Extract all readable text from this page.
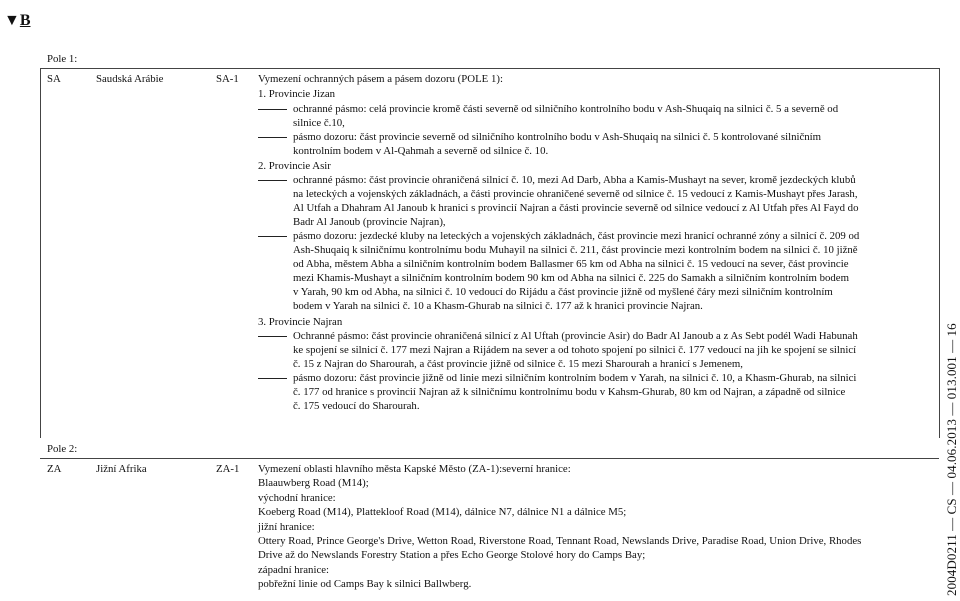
▼B
Pole 1:
SA	Saudská Arábie	SA-1 Vymezení ochranných pásem a pásem dozoru (POLE 1):
1. Provincie Jizan
ochranné pásmo: celá provincie kromě části severně od silničního kontrolního bodu v Ash-Shuqaiq na silnici č. 5 a severně od
silnice č.10,
pásmo dozoru: část provincie severně od silničního kontrolního bodu v Ash-Shuqaiq na silnici č. 5 kontrolované silničním
kontrolním bodem v Al-Qahmah a severně od silnice č. 10.
2. Provincie Asir
ochranné pásmo: část provincie ohraničená silnicí č. 10, mezi Ad Darb, Abha a Kamis-Mushayt na sever, kromě jezdeckých klubů
na leteckých a vojenských základnách, a části provincie ohraničené severně od silnice č. 15 vedoucí z Kamis-Mushayt přes Jarash,
Al Utfah a Dhahram Al Janoub k hranici s provincií Najran a části provincie severně od silnice vedoucí z Al Utfah přes Al Fayd do
Badr Al Janoub (provincie Najran),
pásmo dozoru: jezdecké kluby na leteckých a vojenských základnách, část provincie mezi hranicí ochranné zóny a silnicí č. 209 od
Ash-Shuqaiq k silničnímu kontrolnímu bodu Muhayil na silnici č. 211, část provincie mezi kontrolním bodem na silnici č. 10 jižně
od Abha, městem Abha a silničním kontrolním bodem Ballasmer 65 km od Abha na silnici č. 15 vedoucí na sever, část provincie
mezi Khamis-Mushayt a silničním kontrolním bodem 90 km od Abha na silnici č. 225 do Samakh a silničním kontrolním bodem
v Yarah, 90 km od Abha, na silnici č. 10 vedoucí do Rijádu a část provincie jižně od myšlené čáry mezi silničním kontrolním
bodem v Yarah na silnici č. 10 a Khasm-Ghurab na silnici č. 177 až k hranici provincie Najran.
3. Provincie Najran
Ochranné pásmo: část provincie ohraničená silnicí z Al Uftah (provincie Asir) do Badr Al Janoub a z As Sebt podél Wadi Habunah
ke spojení se silnicí č. 177 mezi Najran a Rijádem na sever a od tohoto spojení po silnici č. 177 vedoucí na jih ke spojení se silnicí
č. 15 z Najran do Sharourah, a část provincie jižně od silnice č. 15 mezi Sharourah a hranicí s Jemenem,
pásmo dozoru: část provincie jižně od linie mezi silničním kontrolním bodem v Yarah, na silnici č. 10, a Khasm-Ghurab, na silnici
č. 177 od hranice s provincií Najran až k silničnímu kontrolnímu bodu v Kahsm-Ghurab, 80 km od Najran, a západně od silnice
č. 175 vedoucí do Sharourah.
Pole 2:
ZA	Jižní Afrika	ZA-1 Vymezení oblasti hlavního města Kapské Město (ZA-1):severní hranice:
Blaauwberg Road (M14);
východní hranice:
Koeberg Road (M14), Plattekloof Road (M14), dálnice N7, dálnice N1 a dálnice M5;
jižní hranice:
Ottery Road, Prince George's Drive, Wetton Road, Riverstone Road, Tennant Road, Newslands Drive, Paradise Road, Union Drive, Rhodes
Drive až do Newslands Forestry Station a přes Echo George Stolové hory do Camps Bay;
západní hranice:
pobřežní linie od Camps Bay k silnici Ballwberg.	2004D0211 — CS — 04.06.2013 — 013.001 — 16
